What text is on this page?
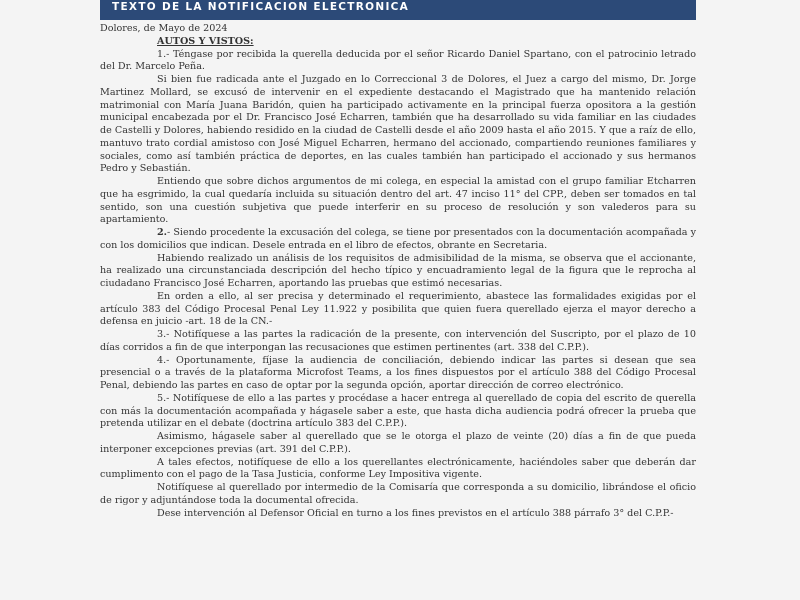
TEXTO DE LA NOTIFICACION ELECTRONICA

Dolores, de Mayo de 2024

AUTOS Y VISTOS:

1.- Téngase por recibida la querella deducida por el señor Ricardo Daniel Spartano, con el patrocinio letrado del Dr. Marcelo Peña.

Si bien fue radicada ante el Juzgado en lo Correccional 3 de Dolores, el Juez a cargo del mismo, Dr. Jorge Martinez Mollard, se excusó de intervenir en el expediente destacando el Magistrado que ha mantenido relación matrimonial con María Juana Baridón, quien ha participado activamente en la principal fuerza opositora a la gestión municipal encabezada por el Dr. Francisco José Echarren, también que ha desarrollado su vida familiar en las ciudades de Castelli y Dolores, habiendo residido en la ciudad de Castelli desde el año 2009 hasta el año 2015. Y que a raíz de ello, mantuvo trato cordial amistoso con José Miguel Echarren, hermano del accionado, compartiendo reuniones familiares y sociales, como así también práctica de deportes, en las cuales también han participado el accionado y sus hermanos Pedro y Sebastián.

Entiendo que sobre dichos argumentos de mi colega, en especial la amistad con el grupo familiar Etcharren que ha esgrimido, la cual quedaría incluida su situación dentro del art. 47 inciso 11° del CPP., deben ser tomados en tal sentido, son una cuestión subjetiva que puede interferir en su proceso de resolución y son valederos para su apartamiento.

2.- Siendo procedente la excusación del colega, se tiene por presentados con la documentación acompañada y con los domicilios que indican. Desele entrada en el libro de efectos, obrante en Secretaria.

Habiendo realizado un análisis de los requisitos de admisibilidad de la misma, se observa que el accionante, ha realizado una circunstanciada descripción del hecho típico y encuadramiento legal de la figura que le reprocha al ciudadano Francisco José Echarren, aportando las pruebas que estimó necesarias.

En orden a ello, al ser precisa y determinado el requerimiento, abastece las formalidades exigidas por el artículo 383 del Código Procesal Penal Ley 11.922 y posibilita que quien fuera querellado ejerza el mayor derecho a defensa en juicio -art. 18 de la CN.-

3.- Notifíquese a las partes la radicación de la presente, con intervención del Suscripto, por el plazo de 10 días corridos a fin de que interpongan las recusaciones que estimen pertinentes (art. 338 del C.P.P.).

4.- Oportunamente, fíjase la audiencia de conciliación, debiendo indicar las partes si desean que sea presencial o a través de la plataforma Microfost Teams, a los fines dispuestos por el artículo 388 del Código Procesal Penal, debiendo las partes en caso de optar por la segunda opción, aportar dirección de correo electrónico.

5.- Notifíquese de ello a las partes y procédase a hacer entrega al querellado de copia del escrito de querella con más la documentación acompañada y hágasele saber a este, que hasta dicha audiencia podrá ofrecer la prueba que pretenda utilizar en el debate (doctrina artículo 383 del C.P.P.).

Asimismo, hágasele saber al querellado que se le otorga el plazo de veinte (20) días a fin de que pueda interponer excepciones previas (art. 391 del C.P.P.).

A tales efectos, notifíquese de ello a los querellantes electrónicamente, haciéndoles saber que deberán dar cumplimento con el pago de la Tasa Justicia, conforme Ley Impositiva vigente.

Notifíquese al querellado por intermedio de la Comisaría que corresponda a su domicilio, librándose el oficio de rigor y adjuntándose toda la documental ofrecida.

Dese intervención al Defensor Oficial en turno a los fines previstos en el artículo 388 párrafo 3° del C.P.P.-
